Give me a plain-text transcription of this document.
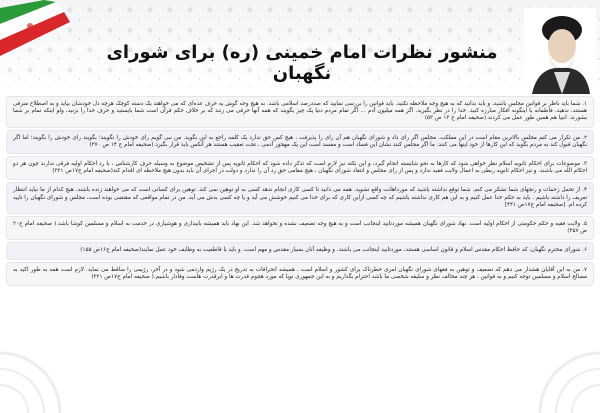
منشور نظرات امام خمینی (ره) برای شورای نگهبان

۱. شما باید ناظر بر قوانین مجلس باشید، و باید بدانید که به هیچ وجه ملاحظه نکنید. باید قوانین را بررسی نمایید که صددرصد اسلامی باشد. به هیچ وجه گوش به حرف عده‌ای که می خواهند یک دسته کوچک هرچه دل خودشان بپاید و به اصطلاح مترقی هستند، ندهید، فاطمانه با اینگونه افکار مبارزه کنید. خدا را در نظر بگیرید. اگر همه میلیون آدم ... اگر تمام مردم دنیا یک چیز بگویند که همه آنها حرفی می زنند که بر خلاف حکم قرآن است شما بایستید و حرف خدا را بزنید، ولو اینکه تمام بر شما بشورند. انبیا هم همین طور عمل می کردند.(صحیفه امام ج ۱۳ ص ۵۳)

۲. من تکرار می کنم مجلس بالاترین مقام است در این مملکت. مجلس اگر رای داد و شورای نگهبان هم آن رای را پذیرفت ، هیچ کس حق ندارد یک کلمه راجع به این بگوید. من نبی گویم رای خودش را نگویند؛ بگویند رای خودش را بگویند؛ اما اگر نگهبان قبول کند به مردم بگوید که این کارها از خود اینها می کنند. ما اگر مجلس کنند نشان این فساد است و مفسد است این یک مهجور آدمی ، تحت تعقیب هستند هر آنکس باید قرار بگیرد.(صحیفه امام ج ۱۴ ص ۳۷۰)

۳. موضوعات برای احکام ثانویه اسلام نظر خواهی شود که کارها به نحو شایسته انجام گیرد، و این نکته نیز لازم است که تذکر داده شود که احکام ثانویه پس از تشخیص موضوع به وسیله حرف کارشناس ، با رد احکام اولیه فرقی ندارند چون هر دو احکام الله می باشند. و نیز احکام ثانویه ربطی به اعمال ولایت فقیه ندارد و پس از رای مجلس و انتقاد شورای نگهبان ، هیچ مقامی حق رد آن را ندارد و دولت در اجرای آن باید بدون هیچ ملاحظه ای اقدام کند(صحیفه امام ج۱۷ص ۳۲۱)

۴. از تحمل زحمات و رنجهای شما تشکر می کنم. شما توقع نداشته باشید که مورداهانت واقع نشوید. همه می دانید تا کسی کاری انجام ندهد کسی به او توهین نمی کند. توهین برای کسانی است که می خواهند زنده باشند. هیچ کدام از ما نباید انتظار تعریف را داشته باشیم . باید به حکم خدا عمل کنیم و به این هم کاری نداشته باشیم که چه کسی ازاین کاری که برای خدا می کنیم خوشش می آید و یا چه کسی بدش می آید. من در تمام مواقعی که مقتضی بوده است، مجلس و شورای نگهبان را تایید کرده ام. [صحیفه امام ج۱۷ص ۴۴۱]

۵. ولایت فقیه و حکم حکومتی از احکام اولیه است. نهاد شورای نگهبان همیشه موردتایید اینجانب است و به هیچ وجه تضعیف نشده و نخواهد شد. این نهاد باید همیشه بابیداری و هوشیاری در خدمت به اسلام و مسلمین کوشا باشد.( صحیفه امام ج۲۰ ص ۴۵۷)

۶. شورای محترم نگهبان، که حافظ احکام مقدس اسلام و قانون اساسی هستند، موردتایید اینجانب می باشند. و وظیفه آنان بسیار مقدس و مهم است. و باید با قاطعیت به وظایف خود عمل نمایند(صحیفه امام ج۱۶ص ۱۵۵)

۷. من به این آقایان هشدار می دهم که تضعیف و توهین به فقهای شورای نگهبان امری خطرناک برای کشور و اسلام است . همیشه انحرافات به تدریج در یک رژیم واردمی شود و در آخر، رژیمی را ساقط می نماید. لازم است همه به طور اکید به مصالح اسلام و مسلمین توجه کنیم و به قوانین ، هر چند مخالف نظر و سلیقه شخصی ما باشد احترام بگذاریم و به این جمهوری نوپا که مورد هجوم قدرت ها و ابرقدرت هاست وفادار باشیم.( صحیفه امام ج۱۷ص ۳۲۱)
